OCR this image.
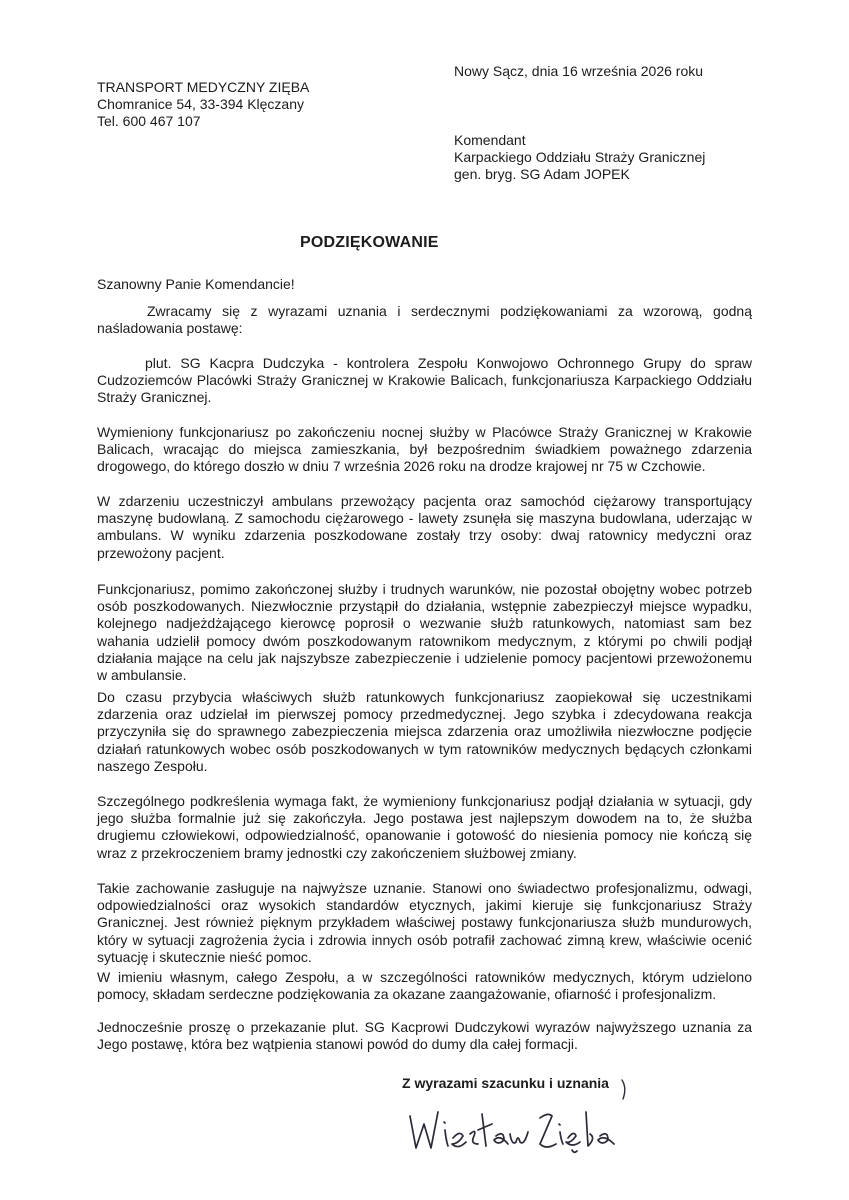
TRANSPORT MEDYCZNY ZIĘBA
Chomranice 54, 33-394 Klęczany
Tel. 600 467 107
Nowy Sącz, dnia 16 września 2026 roku
Komendant
Karpackiego Oddziału Straży Granicznej
gen. bryg. SG Adam JOPEK
PODZIĘKOWANIE
Szanowny Panie Komendancie!
Zwracamy się z wyrazami uznania i serdecznymi podziękowaniami za wzorową, godną naśladowania postawę:
plut. SG Kacpra Dudczyka - kontrolera Zespołu Konwojowo Ochronnego Grupy do spraw Cudzoziemców Placówki Straży Granicznej w Krakowie Balicach, funkcjonariusza Karpackiego Oddziału Straży Granicznej.
Wymieniony funkcjonariusz po zakończeniu nocnej służby w Placówce Straży Granicznej w Krakowie Balicach, wracając do miejsca zamieszkania, był bezpośrednim świadkiem poważnego zdarzenia drogowego, do którego doszło w dniu 7 września 2026 roku na drodze krajowej nr 75 w Czchowie.
W zdarzeniu uczestniczył ambulans przewożący pacjenta oraz samochód ciężarowy transportujący maszynę budowlaną. Z samochodu ciężarowego - lawety zsunęła się maszyna budowlana, uderzając w ambulans. W wyniku zdarzenia poszkodowane zostały trzy osoby: dwaj ratownicy medyczni oraz przewożony pacjent.
Funkcjonariusz, pomimo zakończonej służby i trudnych warunków, nie pozostał obojętny wobec potrzeb osób poszkodowanych. Niezwłocznie przystąpił do działania, wstępnie zabezpieczył miejsce wypadku, kolejnego nadjeżdżającego kierowcę poprosił o wezwanie służb ratunkowych, natomiast sam bez wahania udzielił pomocy dwóm poszkodowanym ratownikom medycznym, z którymi po chwili podjął działania mające na celu jak najszybsze zabezpieczenie i udzielenie pomocy pacjentowi przewożonemu w ambulansie.
Do czasu przybycia właściwych służb ratunkowych funkcjonariusz zaopiekował się uczestnikami zdarzenia oraz udzielał im pierwszej pomocy przedmedycznej. Jego szybka i zdecydowana reakcja przyczyniła się do sprawnego zabezpieczenia miejsca zdarzenia oraz umożliwiła niezwłoczne podjęcie działań ratunkowych wobec osób poszkodowanych w tym ratowników medycznych będących członkami naszego Zespołu.
Szczególnego podkreślenia wymaga fakt, że wymieniony funkcjonariusz podjął działania w sytuacji, gdy jego służba formalnie już się zakończyła. Jego postawa jest najlepszym dowodem na to, że służba drugiemu człowiekowi, odpowiedzialność, opanowanie i gotowość do niesienia pomocy nie kończą się wraz z przekroczeniem bramy jednostki czy zakończeniem służbowej zmiany.
Takie zachowanie zasługuje na najwyższe uznanie. Stanowi ono świadectwo profesjonalizmu, odwagi, odpowiedzialności oraz wysokich standardów etycznych, jakimi kieruje się funkcjonariusz Straży Granicznej. Jest również pięknym przykładem właściwej postawy funkcjonariusza służb mundurowych, który w sytuacji zagrożenia życia i zdrowia innych osób potrafił zachować zimną krew, właściwie ocenić sytuację i skutecznie nieść pomoc.
W imieniu własnym, całego Zespołu, a w szczególności ratowników medycznych, którym udzielono pomocy, składam serdeczne podziękowania za okazane zaangażowanie, ofiarność i profesjonalizm.
Jednocześnie proszę o przekazanie plut. SG Kacprowi Dudczykowi wyrazów najwyższego uznania za Jego postawę, która bez wątpienia stanowi powód do dumy dla całej formacji.
Z wyrazami szacunku i uznania
